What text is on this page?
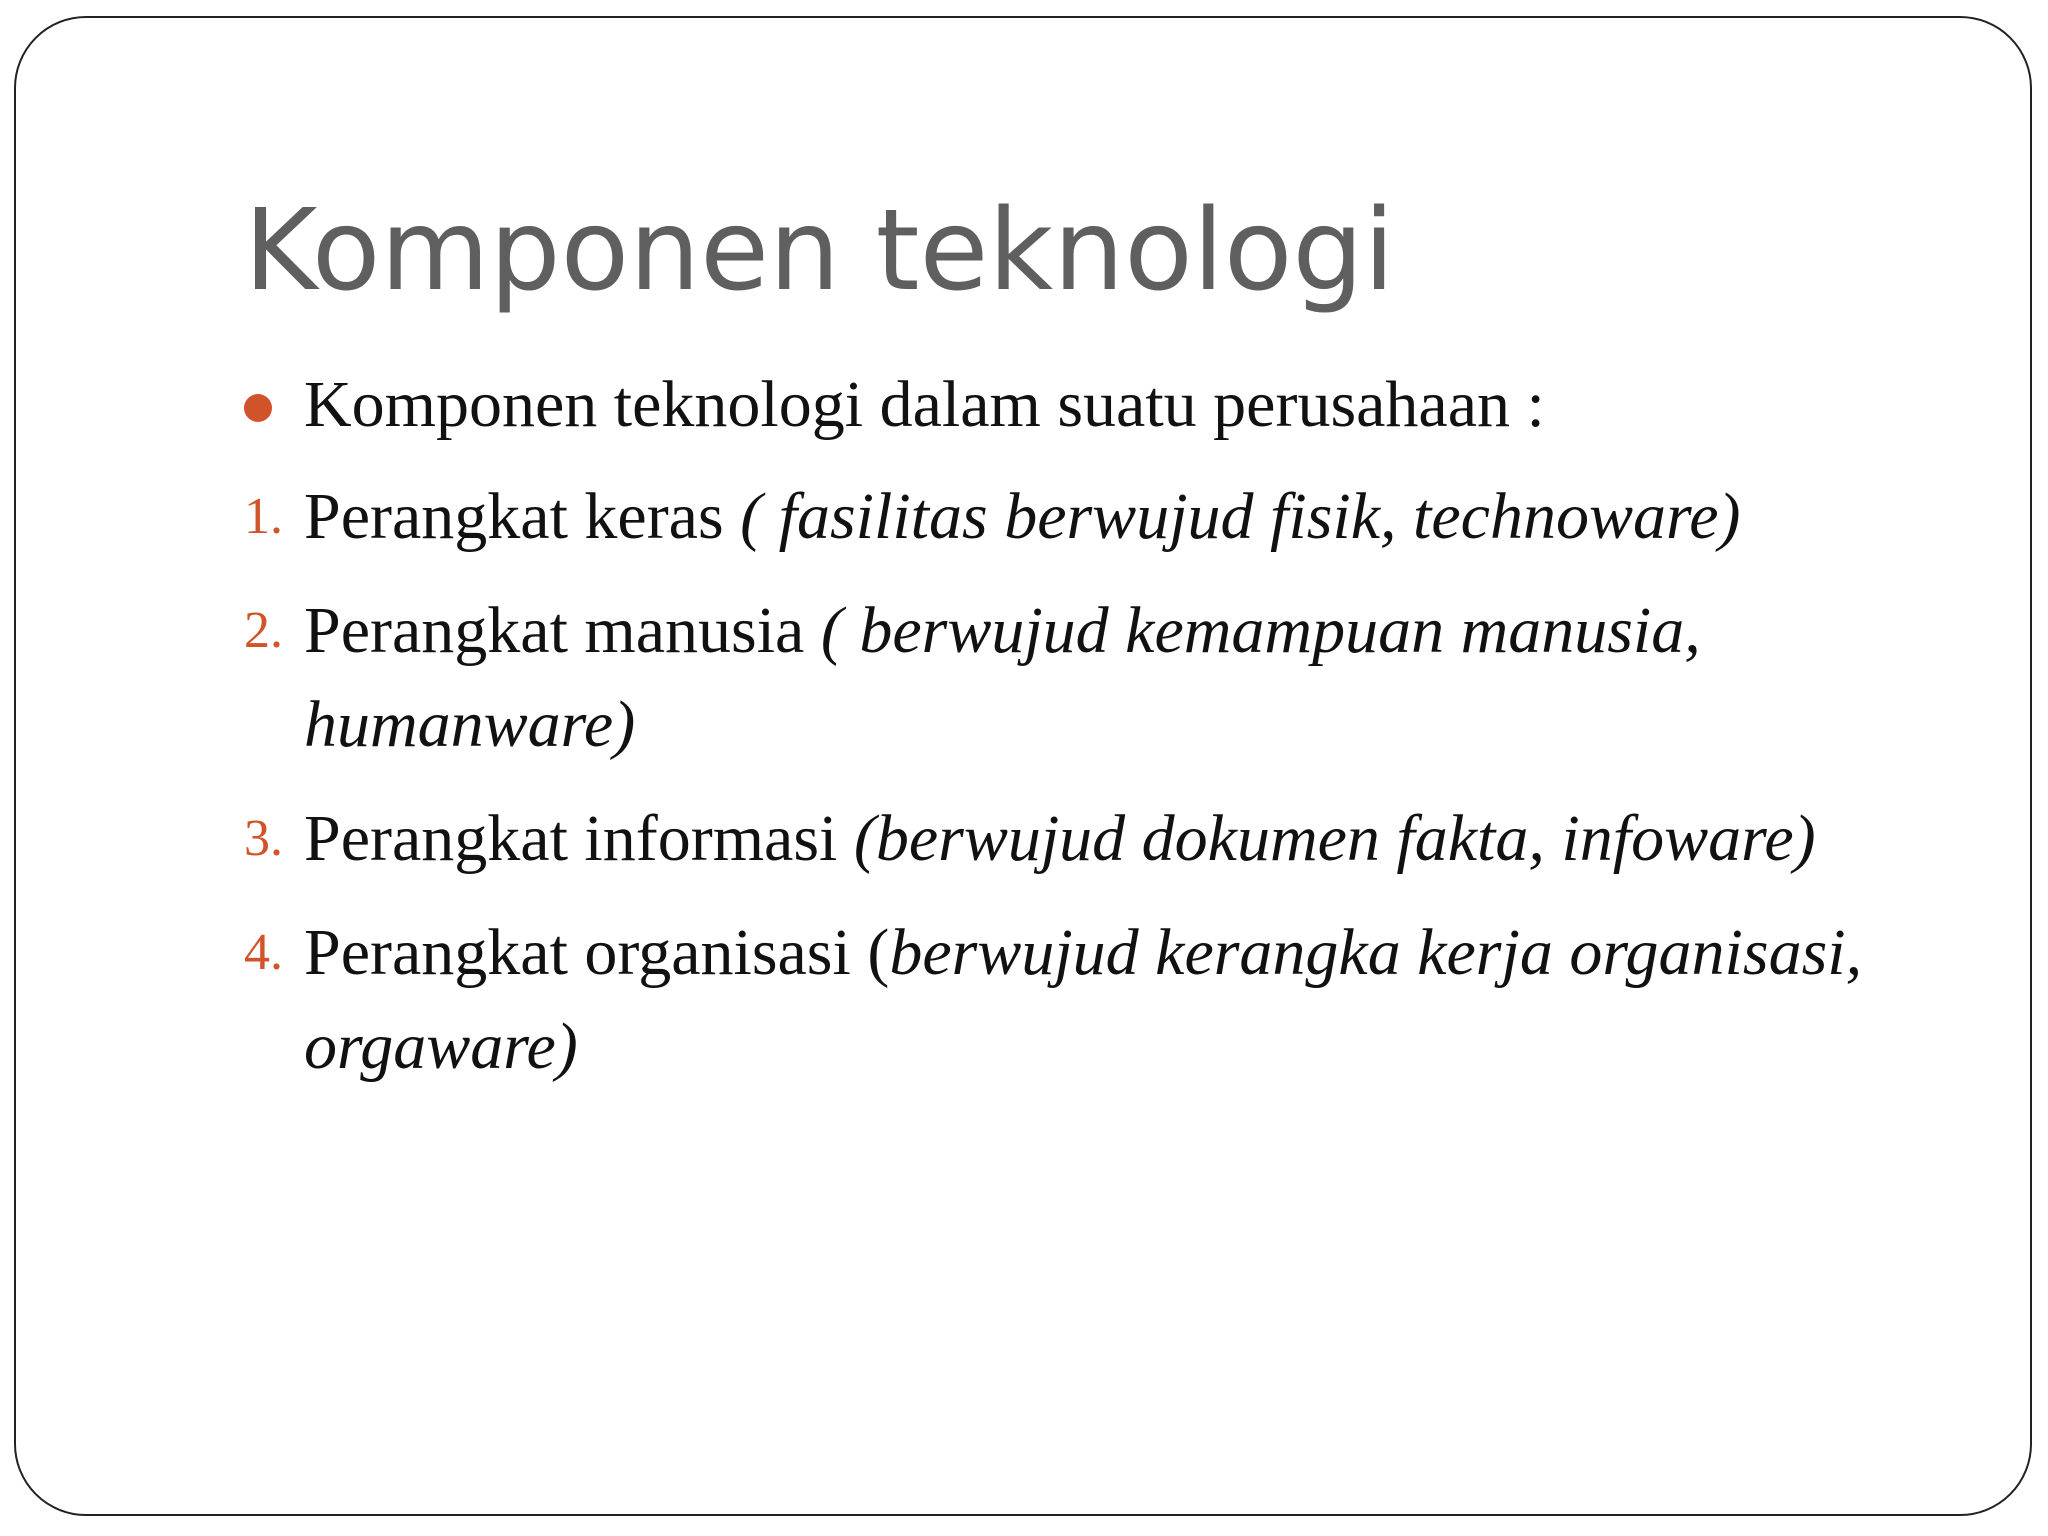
Komponen teknologi
Komponen teknologi dalam suatu perusahaan :
1. Perangkat keras ( fasilitas berwujud fisik, technoware)
2. Perangkat manusia ( berwujud kemampuan manusia, humanware)
3. Perangkat informasi (berwujud dokumen fakta, infoware)
4. Perangkat organisasi (berwujud kerangka kerja organisasi, orgaware)
